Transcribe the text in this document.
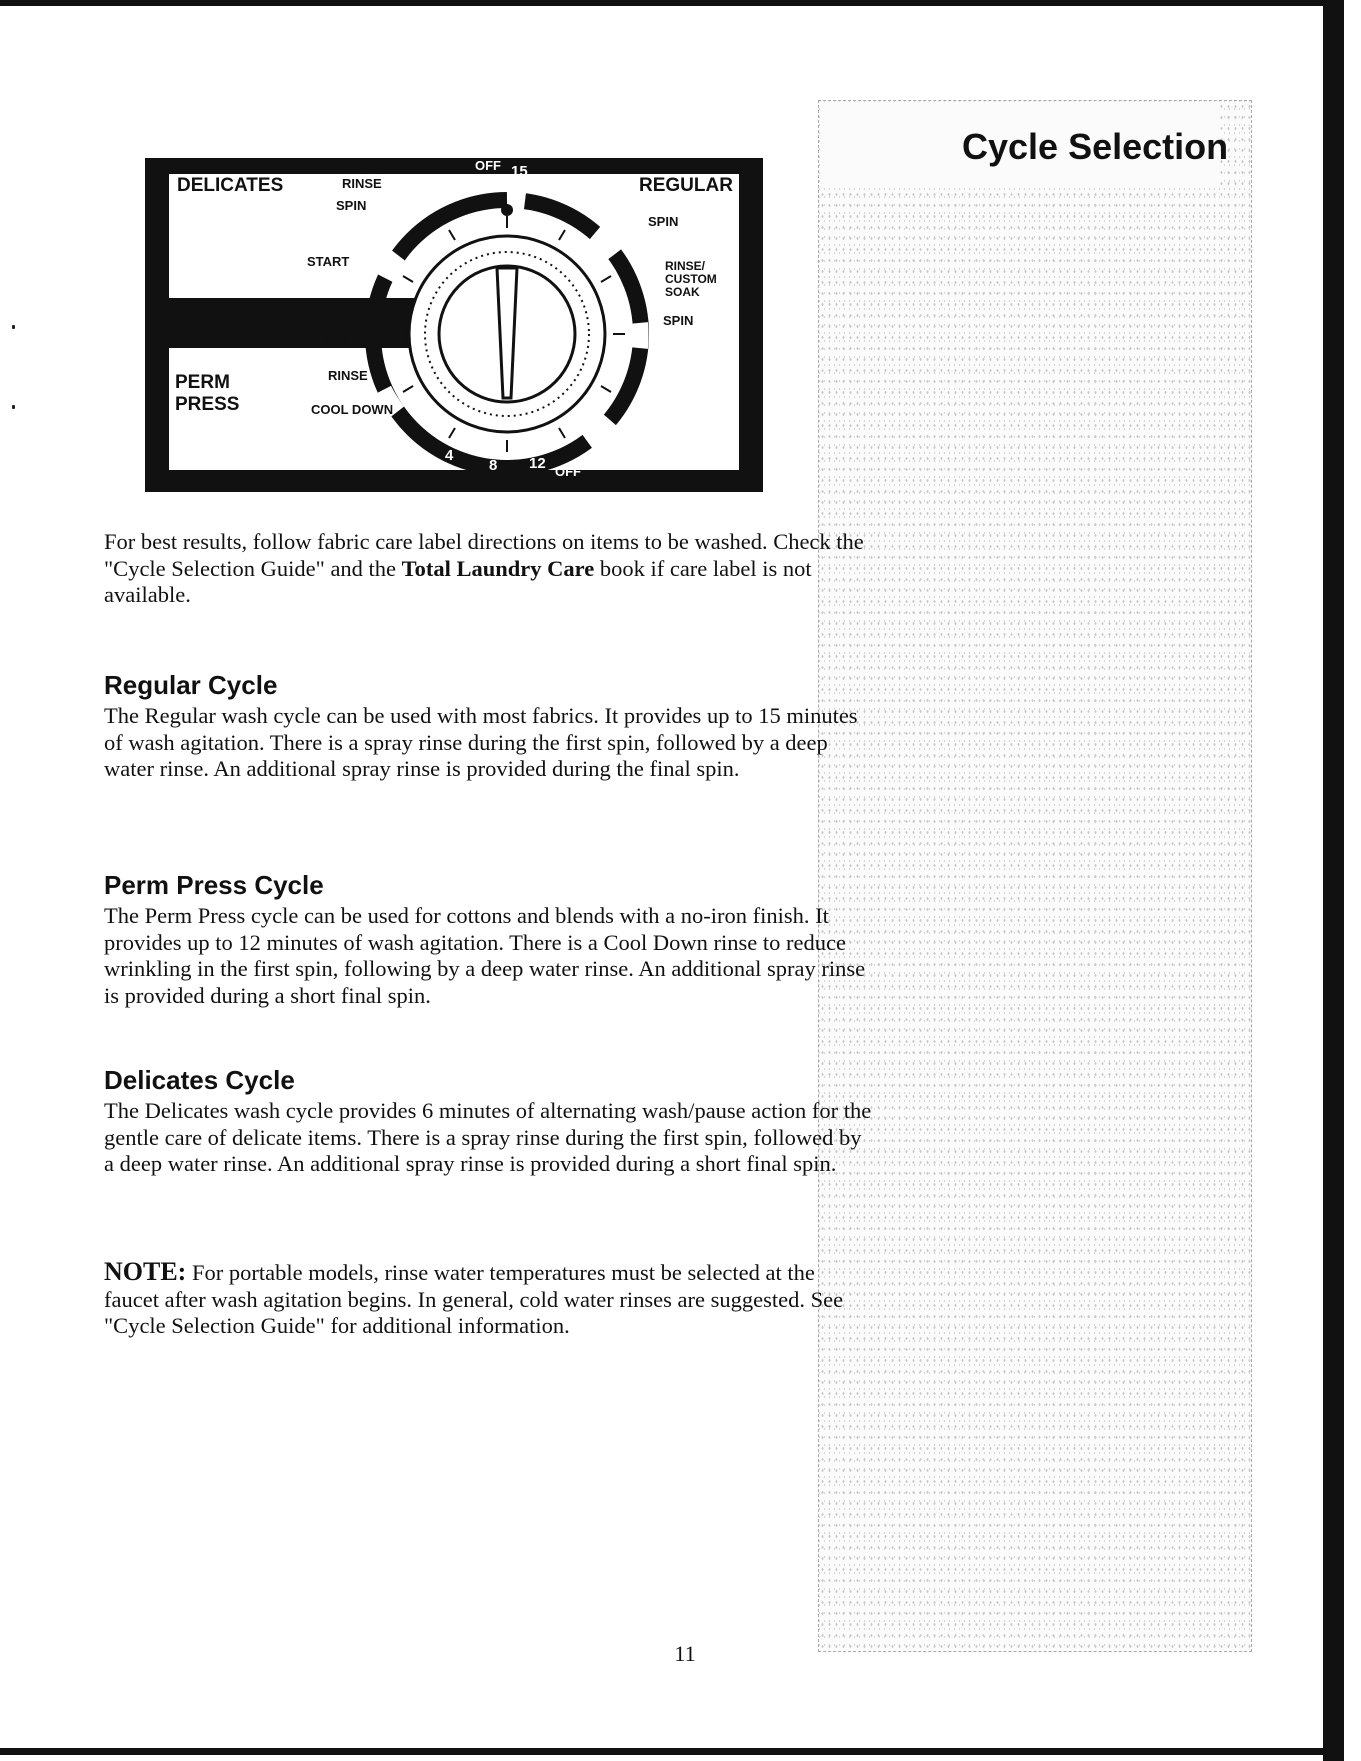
Cycle Selection
DELICATES
SPIN
RINSE
SPIN
START
OFF
PERM
PRESS
SPIN
RINSE
COOL DOWN
OFF 15
10
5
REGULAR
SPIN
RINSE/
CUSTOM
SOAK
SPIN
4
8 12 OFF

For best results, follow fabric care label directions on items to be washed. Check the "Cycle Selection Guide" and the Total Laundry Care book if care label is not available.

Regular Cycle

The Regular wash cycle can be used with most fabrics. It provides up to 15 minutes of wash agitation. There is a spray rinse during the first spin, followed by a deep water rinse. An additional spray rinse is provided during the final spin.

Perm Press Cycle

The Perm Press cycle can be used for cottons and blends with a no-iron finish. It provides up to 12 minutes of wash agitation. There is a Cool Down rinse to reduce wrinkling in the first spin, following by a deep water rinse. An additional spray rinse is provided during a short final spin.

Delicates Cycle

The Delicates wash cycle provides 6 minutes of alternating wash/pause action for the gentle care of delicate items. There is a spray rinse during the first spin, followed by a deep water rinse. An additional spray rinse is provided during a short final spin.

NOTE: For portable models, rinse water temperatures must be selected at the faucet after wash agitation begins. In general, cold water rinses are suggested. See "Cycle Selection Guide" for additional information.

11
